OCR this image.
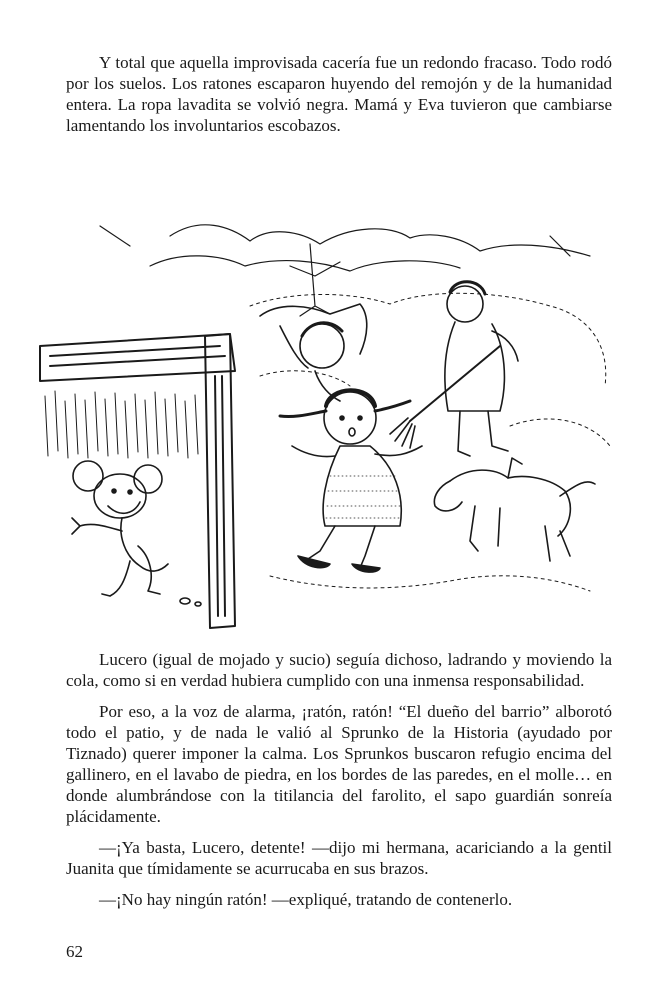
Y total que aquella improvisada cacería fue un redondo fracaso. Todo rodó por los suelos. Los ratones escaparon huyendo del remojón y de la humanidad entera. La ropa lavadita se volvió negra. Mamá y Eva tuvieron que cambiarse lamentando los involuntarios escobazos.

Lucero (igual de mojado y sucio) seguía dichoso, ladrando y moviendo la cola, como si en verdad hubiera cumplido con una inmensa responsabilidad.

Por eso, a la voz de alarma, ¡ratón, ratón! “El dueño del barrio” alborotó todo el patio, y de nada le valió al Sprunko de la Historia (ayudado por Tiznado) querer imponer la calma. Los Sprunkos buscaron refugio encima del gallinero, en el lavabo de piedra, en los bordes de las paredes, en el molle… en donde alumbrándose con la titilancia del farolito, el sapo guardián sonreía plácidamente.

—¡Ya basta, Lucero, detente! —dijo mi hermana, acariciando a la gentil Juanita que tímidamente se acurrucaba en sus brazos.

—¡No hay ningún ratón! —expliqué, tratando de contenerlo.

62
